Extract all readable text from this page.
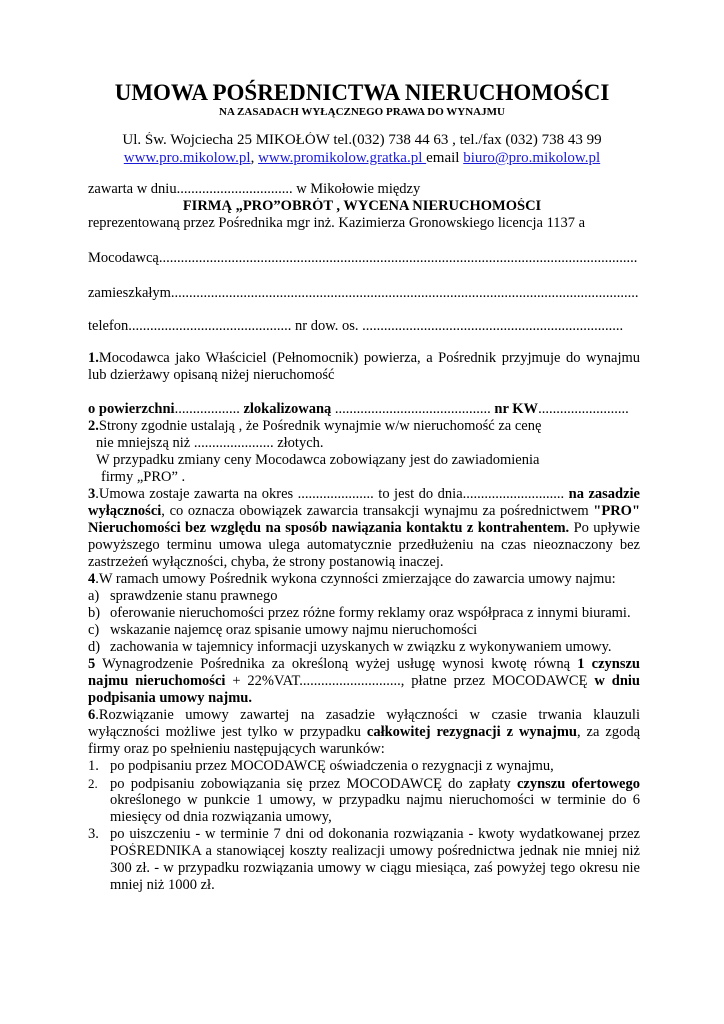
UMOWA POŚREDNICTWA NIERUCHOMOŚCI
NA ZASADACH WYŁĄCZNEGO PRAWA DO WYNAJMU
Ul. Św. Wojciecha 25 MIKOŁÓW tel.(032) 738 44 63 , tel./fax (032) 738 43 99
www.pro.mikolow.pl, www.promikolow.gratka.pl email biuro@pro.mikolow.pl
zawarta w dniu................................ w Mikołowie między
FIRMĄ „PRO”OBRÓT , WYCENA NIERUCHOMOŚCI
reprezentowaną przez Pośrednika mgr inż. Kazimierza Gronowskiego licencja 1137 a
Mocodawcą....................................................................................................................................
zamieszkałym.................................................................................................................................
telefon............................................. nr dow. os. ........................................................................
1.Mocodawca jako Właściciel (Pełnomocnik) powierza, a Pośrednik przyjmuje do wynajmu
lub dzierżawy opisaną niżej nieruchomość
o powierzchni.................. zlokalizowaną ........................................... nr KW.........................
2.Strony zgodnie ustalają , że Pośrednik wynajmie w/w nieruchomość za cenę
nie mniejszą niż ...................... złotych.
W przypadku zmiany ceny Mocodawca zobowiązany jest do zawiadomienia
firmy „PRO” .
3.Umowa zostaje zawarta na okres ..................... to jest do dnia............................ na zasadzie
wyłączności, co oznacza obowiązek zawarcia transakcji wynajmu za pośrednictwem "PRO"
Nieruchomości bez względu na sposób nawiązania kontaktu z kontrahentem. Po upływie
powyższego terminu umowa ulega automatycznie przedłużeniu na czas nieoznaczony bez
zastrzeżeń wyłączności, chyba, że strony postanowią inaczej.
4.W ramach umowy Pośrednik wykona czynności zmierzające do zawarcia umowy najmu:
a) sprawdzenie stanu prawnego
b) oferowanie nieruchomości przez różne formy reklamy oraz współpraca z innymi biurami.
c) wskazanie najemcę oraz spisanie umowy najmu nieruchomości
d) zachowania w tajemnicy informacji uzyskanych w związku z wykonywaniem umowy.
5 Wynagrodzenie Pośrednika za określoną wyżej usługę wynosi kwotę równą 1 czynszu
najmu nieruchomości + 22%VAT............................, płatne przez MOCODAWCĘ w dniu
podpisania umowy najmu.
6.Rozwiązanie umowy zawartej na zasadzie wyłączności w czasie trwania klauzuli
wyłączności możliwe jest tylko w przypadku całkowitej rezygnacji z wynajmu, za zgodą
firmy oraz po spełnieniu następujących warunków:
1. po podpisaniu przez MOCODAWCĘ oświadczenia o rezygnacji z wynajmu,
2. po podpisaniu zobowiązania się przez MOCODAWCĘ do zapłaty czynszu ofertowego
określonego w punkcie 1 umowy, w przypadku najmu nieruchomości w terminie do 6
miesięcy od dnia rozwiązania umowy,
3. po uiszczeniu - w terminie 7 dni od dokonania rozwiązania - kwoty wydatkowanej przez
POŚREDNIKA a stanowiącej koszty realizacji umowy pośrednictwa jednak nie mniej niż
300 zł. - w przypadku rozwiązania umowy w ciągu miesiąca, zaś powyżej tego okresu nie
mniej niż 1000 zł.
